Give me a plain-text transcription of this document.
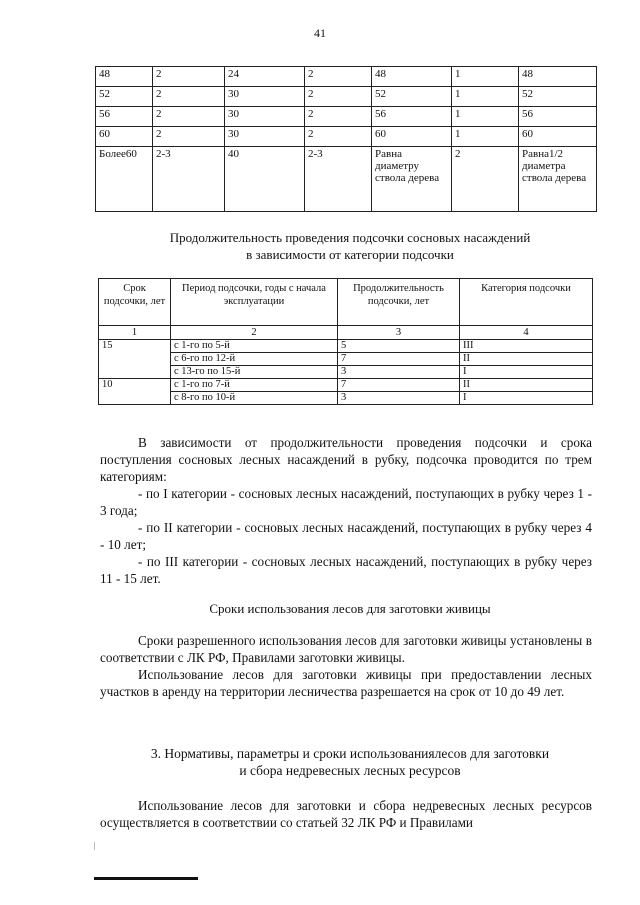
41
48	2	24	2	48	1	48
52	2	30	2	52	1	52
56	2	30	2	56	1	56
60	2	30	2	60	1	60
Более60	2-3	40	2-3	Равна диаметру ствола дерева	2	Равна1/2 диаметра ствола дерева
Продолжительность проведения подсочки сосновых насаждений
в зависимости от категории подсочки
Срок подсочки, лет	Период подсочки, годы с начала эксплуатации	Продолжительность подсочки, лет	Категория подсочки
1	2	3	4
15	с 1-го по 5-й	5	III
	с 6-го по 12-й	7	II
	с 13-го по 15-й	3	I
10	с 1-го по 7-й	7	II
	с 8-го по 10-й	3	I

В зависимости от продолжительности проведения подсочки и срока поступления сосновых лесных насаждений в рубку, подсочка проводится по трем категориям:

- по I категории - сосновых лесных насаждений, поступающих в рубку через 1 - 3 года;

- по II категории - сосновых лесных насаждений, поступающих в рубку через 4 - 10 лет;

- по III категории - сосновых лесных насаждений, поступающих в рубку через 11 - 15 лет.

Сроки использования лесов для заготовки живицы

Сроки разрешенного использования лесов для заготовки живицы установлены в соответствии с ЛК РФ, Правилами заготовки живицы.

Использование лесов для заготовки живицы при предоставлении лесных участков в аренду на территории лесничества разрешается на срок от 10 до 49 лет.

3. Нормативы, параметры и сроки использованиялесов для заготовки
и сбора недревесных лесных ресурсов

Использование лесов для заготовки и сбора недревесных лесных ресурсов осуществляется в соответствии со статьей 32 ЛК РФ и Правилами
